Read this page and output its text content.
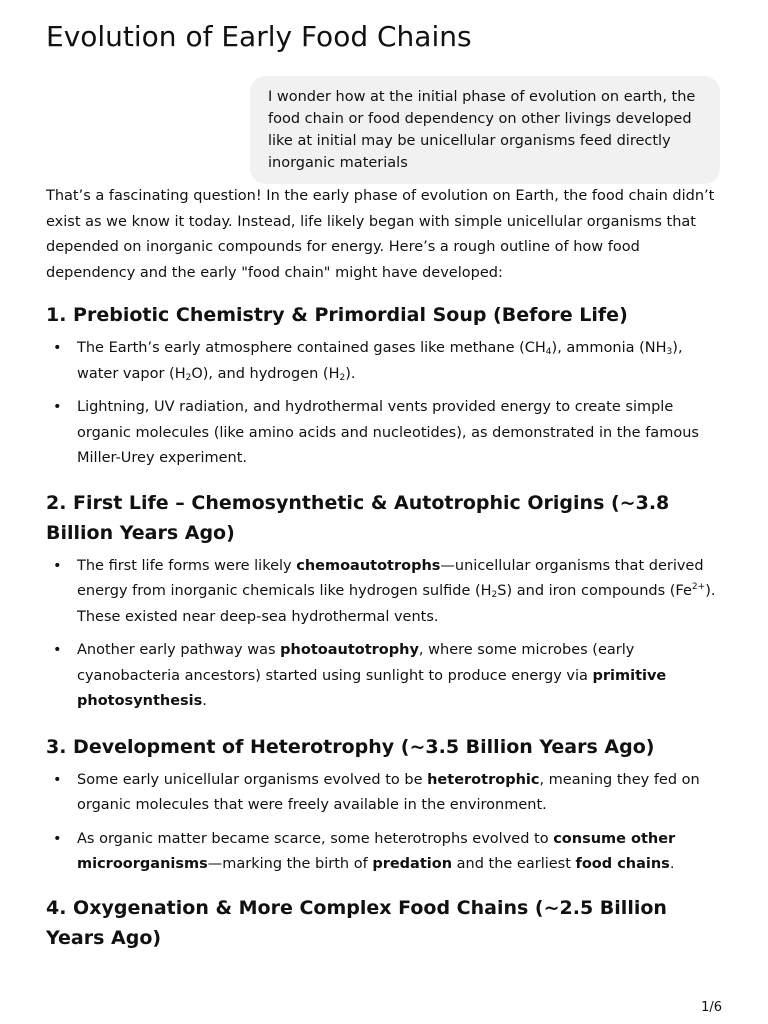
Evolution of Early Food Chains
I wonder how at the initial phase of evolution on earth, the food chain or food dependency on other livings developed like at initial may be unicellular organisms feed directly inorganic materials

That’s a fascinating question! In the early phase of evolution on Earth, the food chain didn’t exist as we know it today. Instead, life likely began with simple unicellular organisms that depended on inorganic compounds for energy. Here’s a rough outline of how food dependency and the early "food chain" might have developed:

1. Prebiotic Chemistry & Primordial Soup (Before Life)
• The Earth’s early atmosphere contained gases like methane $(CH_4)$, ammonia $(NH_3)$, water vapor $(H_2O)$, and hydrogen $(H_2)$.
• Lightning, UV radiation, and hydrothermal vents provided energy to create simple organic molecules (like amino acids and nucleotides), as demonstrated in the famous Miller-Urey experiment.
2. First Life – Chemosynthetic & Autotrophic Origins (~3.8 Billion Years Ago)
• The first life forms were likely chemoautotrophs—unicellular organisms that derived energy from inorganic chemicals like hydrogen sulfide $(H_2S)$ and iron compounds $(Fe^{2+})$. These existed near deep-sea hydrothermal vents.
• Another early pathway was photoautotrophy, where some microbes (early cyanobacteria ancestors) started using sunlight to produce energy via primitive photosynthesis.
3. Development of Heterotrophy (~3.5 Billion Years Ago)
• Some early unicellular organisms evolved to be heterotrophic, meaning they fed on organic molecules that were freely available in the environment.
• As organic matter became scarce, some heterotrophs evolved to consume other microorganisms—marking the birth of predation and the earliest food chains.
4. Oxygenation & More Complex Food Chains (~2.5 Billion Years Ago)
1/6
